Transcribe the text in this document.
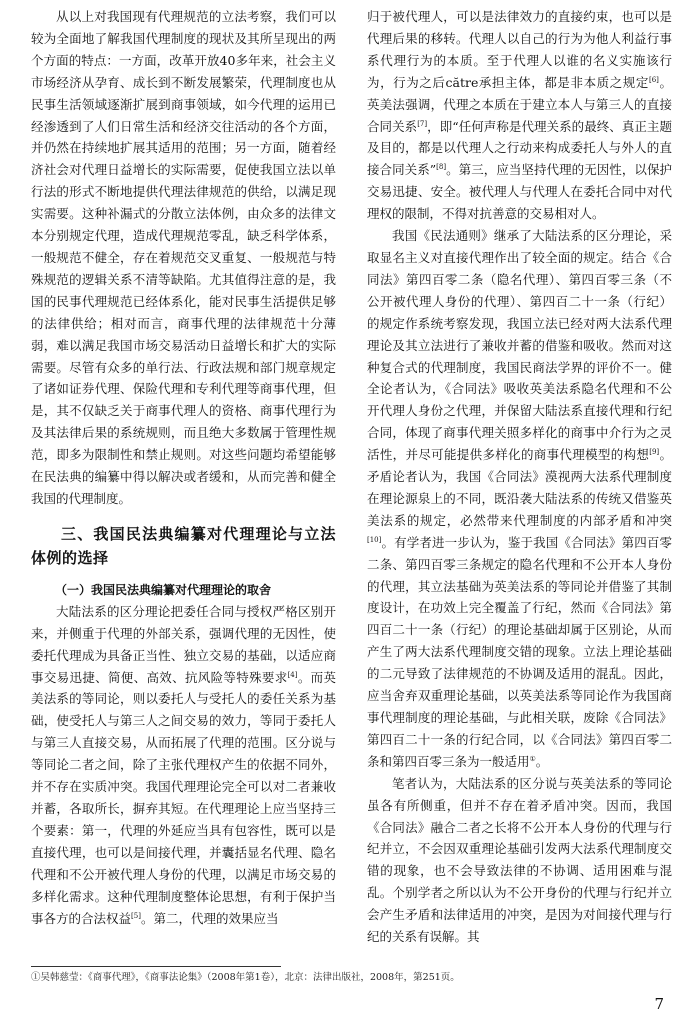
从以上对我国现有代理规范的立法考察，我们可以较为全面地了解我国代理制度的现状及其所呈现出的两个方面的特点：一方面，改革开放40多年来，社会主义市场经济从孕育、成长到不断发展繁荣，代理制度也从民事生活领域逐渐扩展到商事领域，如今代理的运用已经渗透到了人们日常生活和经济交往活动的各个方面，并仍然在持续地扩展其适用的范围；另一方面，随着经济社会对代理日益增长的实际需要，促使我国立法以单行法的形式不断地提供代理法律规范的供给，以满足现实需要。这种补漏式的分散立法体例，由众多的法律文本分别规定代理，造成代理规范零乱，缺乏科学体系，一般规范不健全，存在着规范交叉重复、一般规范与特殊规范的逻辑关系不清等缺陷。尤其值得注意的是，我国的民事代理规范已经体系化，能对民事生活提供足够的法律供给；相对而言，商事代理的法律规范十分薄弱，难以满足我国市场交易活动日益增长和扩大的实际需要。尽管有众多的单行法、行政法规和部门规章规定了诸如证券代理、保险代理和专利代理等商事代理，但是，其不仅缺乏关于商事代理人的资格、商事代理行为及其法律后果的系统规则，而且绝大多数属于管理性规范，即多为限制性和禁止规则。对这些问题均希望能够在民法典的编纂中得以解决或者缓和，从而完善和健全我国的代理制度。

三、我国民法典编纂对代理理论与立法体例的选择

（一）我国民法典编纂对代理理论的取舍

大陆法系的区分理论把委任合同与授权严格区别开来，并侧重于代理的外部关系，强调代理的无因性，使委托代理成为具备正当性、独立交易的基础，以适应商事交易迅捷、简便、高效、抗风险等特殊要求[4]。而英美法系的等同论，则以委托人与受托人的委任关系为基础，使受托人与第三人之间交易的效力，等同于委托人与第三人直接交易，从而拓展了代理的范围。区分说与等同论二者之间，除了主张代理权产生的依据不同外，并不存在实质冲突。我国代理理论完全可以对二者兼收并蓄，各取所长，摒弃其短。在代理理论上应当坚持三个要素：第一，代理的外延应当具有包容性，既可以是直接代理，也可以是间接代理，并囊括显名代理、隐名代理和不公开被代理人身份的代理，以满足市场交易的多样化需求。这种代理制度整体论思想，有利于保护当事各方的合法权益[5]。第二，代理的效果应当

归于被代理人，可以是法律效力的直接约束，也可以是代理后果的移转。代理人以自己的行为为他人利益行事系代理行为的本质。至于代理人以谁的名义实施该行为，行为之后către承担主体，都是非本质之规定[6]。英美法强调，代理之本质在于建立本人与第三人的直接合同关系[7]，即“任何声称是代理关系的最终、真正主题及目的，都是以代理人之行动来构成委托人与外人的直接合同关系”[8]。第三，应当坚持代理的无因性，以保护交易迅捷、安全。被代理人与代理人在委托合同中对代理权的限制，不得对抗善意的交易相对人。

我国《民法通则》继承了大陆法系的区分理论，采取显名主义对直接代理作出了较全面的规定。结合《合同法》第四百零二条（隐名代理）、第四百零三条（不公开被代理人身份的代理）、第四百二十一条（行纪）的规定作系统考察发现，我国立法已经对两大法系代理理论及其立法进行了兼收并蓄的借鉴和吸收。然而对这种复合式的代理制度，我国民商法学界的评价不一。健全论者认为，《合同法》吸收英美法系隐名代理和不公开代理人身份之代理，并保留大陆法系直接代理和行纪合同，体现了商事代理关照多样化的商事中介行为之灵活性，并尽可能提供多样化的商事代理模型的构想[9]。矛盾论者认为，我国《合同法》漠视两大法系代理制度在理论源泉上的不同，既沿袭大陆法系的传统又借鉴英美法系的规定，必然带来代理制度的内部矛盾和冲突[10]。有学者进一步认为，鉴于我国《合同法》第四百零二条、第四百零三条规定的隐名代理和不公开本人身份的代理，其立法基础为英美法系的等同论并借鉴了其制度设计，在功效上完全覆盖了行纪，然而《合同法》第四百二十一条（行纪）的理论基础却属于区别论，从而产生了两大法系代理制度交错的现象。立法上理论基础的二元导致了法律规范的不协调及适用的混乱。因此，应当舍弃双重理论基础，以英美法系等同论作为我国商事代理制度的理论基础，与此相关联，废除《合同法》第四百二十一条的行纪合同，以《合同法》第四百零二条和第四百零三条为一般适用①。

笔者认为，大陆法系的区分说与英美法系的等同论虽各有所侧重，但并不存在着矛盾冲突。因而，我国《合同法》融合二者之长将不公开本人身份的代理与行纪并立，不会因双重理论基础引发两大法系代理制度交错的现象，也不会导致法律的不协调、适用困难与混乱。个别学者之所以认为不公开身份的代理与行纪并立会产生矛盾和法律适用的冲突，是因为对间接代理与行纪的关系有误解。其

①吴韩慈莹：《商事代理》，《商事法论集》（2008年第1卷），北京：法律出版社，2008年，第251页。
7
